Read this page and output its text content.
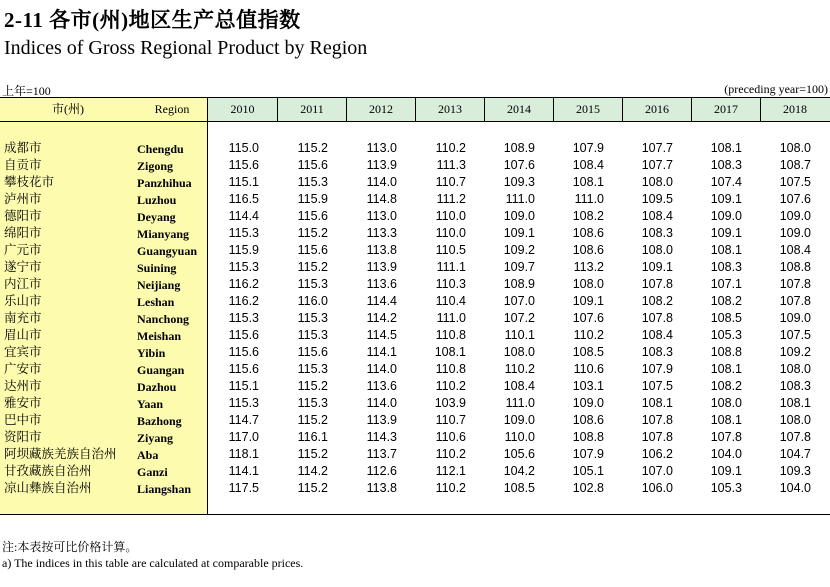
2-11 各市(州)地区生产总值指数
Indices of Gross Regional Product by Region
上年=100	(preceding year=100)
市(州)	Region	2010	2011	2012	2013	2014	2015	2016	2017	2018
成都市	Chengdu	115.0	115.2	113.0	110.2	108.9	107.9	107.7	108.1	108.0
自贡市	Zigong	115.6	115.6	113.9	111.3	107.6	108.4	107.7	108.3	108.7
攀枝花市	Panzhihua	115.1	115.3	114.0	110.7	109.3	108.1	108.0	107.4	107.5
泸州市	Luzhou	116.5	115.9	114.8	111.2	111.0	111.0	109.5	109.1	107.6
德阳市	Deyang	114.4	115.6	113.0	110.0	109.0	108.2	108.4	109.0	109.0
绵阳市	Mianyang	115.3	115.2	113.3	110.0	109.1	108.6	108.3	109.1	109.0
广元市	Guangyuan	115.9	115.6	113.8	110.5	109.2	108.6	108.0	108.1	108.4
遂宁市	Suining	115.3	115.2	113.9	111.1	109.7	113.2	109.1	108.3	108.8
内江市	Neijiang	116.2	115.3	113.6	110.3	108.9	108.0	107.8	107.1	107.8
乐山市	Leshan	116.2	116.0	114.4	110.4	107.0	109.1	108.2	108.2	107.8
南充市	Nanchong	115.3	115.3	114.2	111.0	107.2	107.6	107.8	108.5	109.0
眉山市	Meishan	115.6	115.3	114.5	110.8	110.1	110.2	108.4	105.3	107.5
宜宾市	Yibin	115.6	115.6	114.1	108.1	108.0	108.5	108.3	108.8	109.2
广安市	Guangan	115.6	115.3	114.0	110.8	110.2	110.6	107.9	108.1	108.0
达州市	Dazhou	115.1	115.2	113.6	110.2	108.4	103.1	107.5	108.2	108.3
雅安市	Yaan	115.3	115.3	114.0	103.9	111.0	109.0	108.1	108.0	108.1
巴中市	Bazhong	114.7	115.2	113.9	110.7	109.0	108.6	107.8	108.1	108.0
资阳市	Ziyang	117.0	116.1	114.3	110.6	110.0	108.8	107.8	107.8	107.8
阿坝藏族羌族自治州 Aba	118.1	115.2	113.7	110.2	105.6	107.9	106.2	104.0	104.7
甘孜藏族自治州	Ganzi	114.1	114.2	112.6	112.1	104.2	105.1	107.0	109.1	109.3
凉山彝族自治州	Liangshan	117.5	115.2	113.8	110.2	108.5	102.8	106.0	105.3	104.0
注:本表按可比价格计算。
a) The indices in this table are calculated at comparable prices.
